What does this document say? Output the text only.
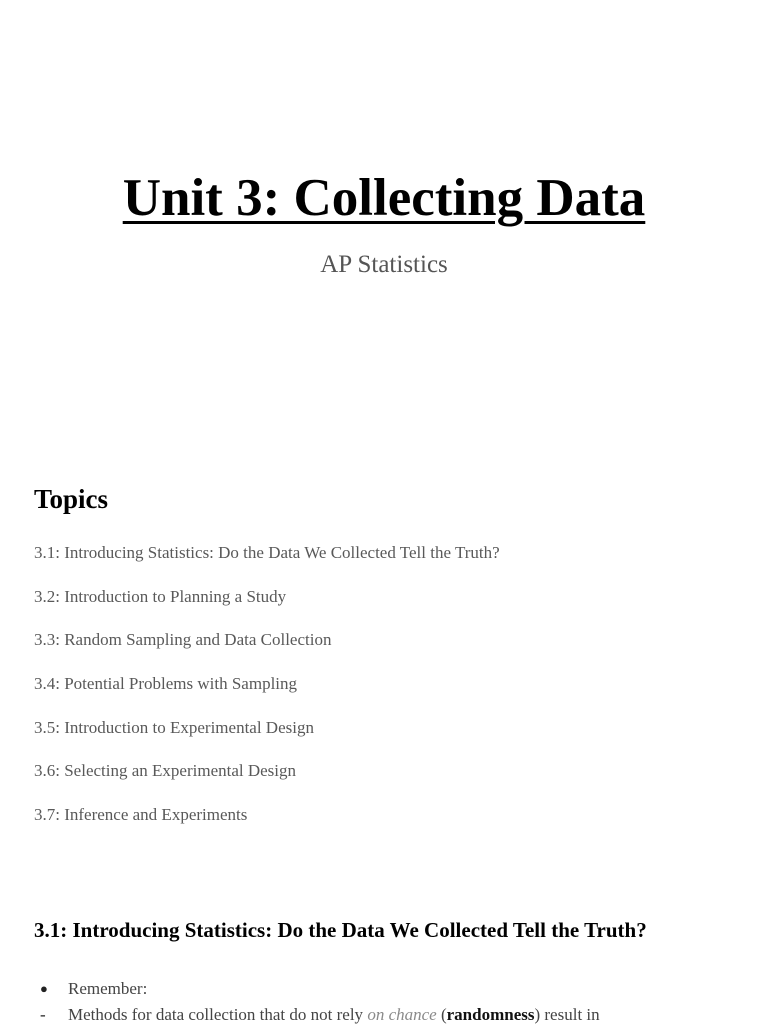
Unit 3: Collecting Data

AP Statistics

Topics
3.1: Introducing Statistics: Do the Data We Collected Tell the Truth?
3.2: Introduction to Planning a Study
3.3: Random Sampling and Data Collection
3.4: Potential Problems with Sampling
3.5: Introduction to Experimental Design
3.6: Selecting an Experimental Design
3.7: Inference and Experiments
3.1: Introducing Statistics: Do the Data We Collected Tell the Truth?
●	Remember:
-	Methods for data collection that do not rely on chance (randomness) result in
